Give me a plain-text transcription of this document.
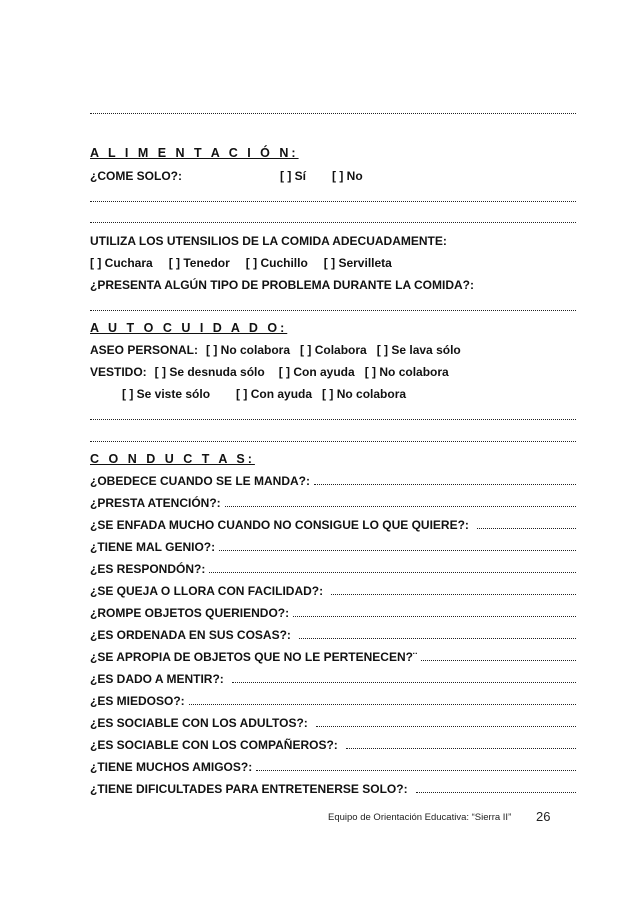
A L I M E N T A C I Ó N:
¿COME SOLO?:	[ ] Sí [ ] No
UTILIZA LOS UTENSILIOS DE LA COMIDA ADECUADAMENTE:
[ ] Cuchara [ ] Tenedor [ ] Cuchillo [ ] Servilleta
¿PRESENTA ALGÚN TIPO DE PROBLEMA DURANTE LA COMIDA?:
A U T O C U I D A D O:
ASEO PERSONAL: [ ] No colabora [ ] Colabora [ ] Se lava sólo
VESTIDO: [ ] Se desnuda sólo [ ] Con ayuda [ ] No colabora
[ ] Se viste sólo [ ] Con ayuda [ ] No colabora
C O N D U C T A S:
¿OBEDECE CUANDO SE LE MANDA?:
¿PRESTA ATENCIÓN?:
¿SE ENFADA MUCHO CUANDO NO CONSIGUE LO QUE QUIERE?:
¿TIENE MAL GENIO?:
¿ES RESPONDÓN?:
¿SE QUEJA O LLORA CON FACILIDAD?:
¿ROMPE OBJETOS QUERIENDO?:
¿ES ORDENADA EN SUS COSAS?:
¿SE APROPIA DE OBJETOS QUE NO LE PERTENECEN?¨
¿ES DADO A MENTIR?:
¿ES MIEDOSO?:
¿ES SOCIABLE CON LOS ADULTOS?:
¿ES SOCIABLE CON LOS COMPAÑEROS?:
¿TIENE MUCHOS AMIGOS?:
¿TIENE DIFICULTADES PARA ENTRETENERSE SOLO?:
Equipo de Orientación Educativa: “Sierra II” 26
